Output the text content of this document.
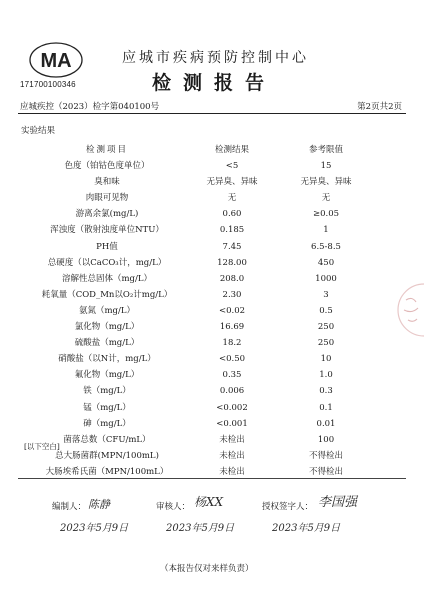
MA
171700100346
应城市疾病预防控制中心
检测报告
应城疾控（2023）检字第040100号	第2页共2页
实验结果
检测项目	检测结果	参考限值
色度（铂钴色度单位）	<5	15
臭和味	无异臭、异味	无异臭、异味
肉眼可见物	无	无
游离余氯(mg/L)	0.60	≥0.05
浑浊度（散射浊度单位NTU）	0.185	1
PH值	7.45	6.5-8.5
总硬度（以CaCO₃计，mg/L）	128.00	450
溶解性总固体（mg/L）	208.0	1000
耗氧量（COD_Mn以O₂计mg/L）	2.30	3
氨氮（mg/L）	<0.02	0.5
氯化物（mg/L）	16.69	250
硫酸盐（mg/L）	18.2	250
硝酸盐（以N计，mg/L）	<0.50	10
氟化物（mg/L）	0.35	1.0
铁（mg/L）	0.006	0.3
锰（mg/L）	<0.002	0.1
砷（mg/L）	<0.001	0.01
菌落总数（CFU/mL）	未检出	100
总大肠菌群(MPN/100mL)	未检出	不得检出
大肠埃希氏菌（MPN/100mL）	未检出	不得检出
[以下空白]
编制人： 陈静	审核人： 杨XX	授权签字人： 李国强
2023年5月9日	2023年5月9日	2023年5月9日
（本报告仅对来样负责）
